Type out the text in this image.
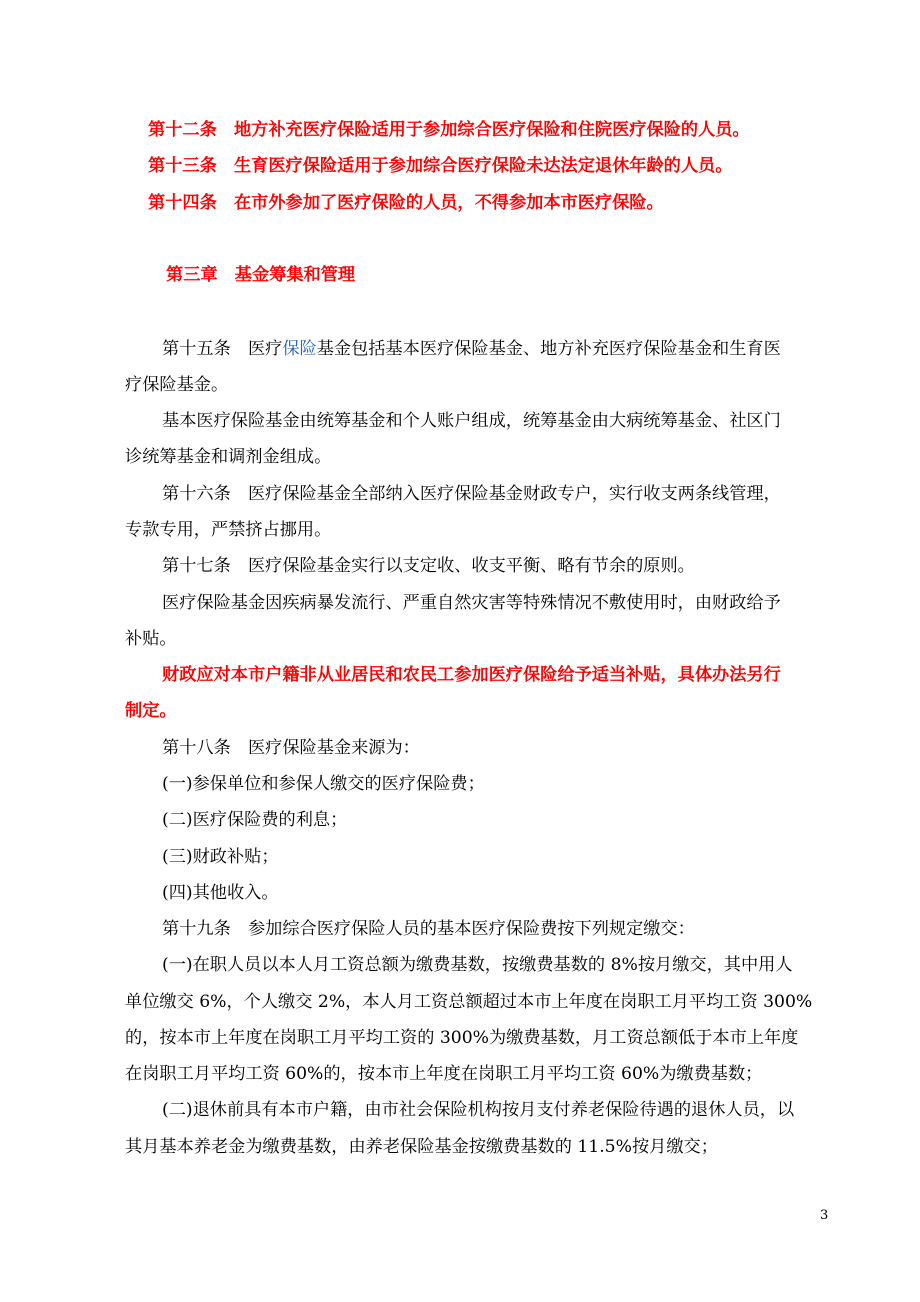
第十二条　地方补充医疗保险适用于参加综合医疗保险和住院医疗保险的人员。
第十三条　生育医疗保险适用于参加综合医疗保险未达法定退休年龄的人员。
第十四条　在市外参加了医疗保险的人员，不得参加本市医疗保险。
第三章　基金筹集和管理
第十五条　医疗保险基金包括基本医疗保险基金、地方补充医疗保险基金和生育医
疗保险基金。
基本医疗保险基金由统筹基金和个人账户组成，统筹基金由大病统筹基金、社区门
诊统筹基金和调剂金组成。
第十六条　医疗保险基金全部纳入医疗保险基金财政专户，实行收支两条线管理，
专款专用，严禁挤占挪用。
第十七条　医疗保险基金实行以支定收、收支平衡、略有节余的原则。
医疗保险基金因疾病暴发流行、严重自然灾害等特殊情况不敷使用时，由财政给予
补贴。
财政应对本市户籍非从业居民和农民工参加医疗保险给予适当补贴，具体办法另行
制定。
第十八条　医疗保险基金来源为：
(一)参保单位和参保人缴交的医疗保险费；
(二)医疗保险费的利息；
(三)财政补贴；
(四)其他收入。
第十九条　参加综合医疗保险人员的基本医疗保险费按下列规定缴交：
(一)在职人员以本人月工资总额为缴费基数，按缴费基数的 8%按月缴交，其中用人
单位缴交 6%，个人缴交 2%，本人月工资总额超过本市上年度在岗职工月平均工资 300%
的，按本市上年度在岗职工月平均工资的 300%为缴费基数，月工资总额低于本市上年度
在岗职工月平均工资 60%的，按本市上年度在岗职工月平均工资 60%为缴费基数；
(二)退休前具有本市户籍，由市社会保险机构按月支付养老保险待遇的退休人员，以
其月基本养老金为缴费基数，由养老保险基金按缴费基数的 11.5%按月缴交；
3
